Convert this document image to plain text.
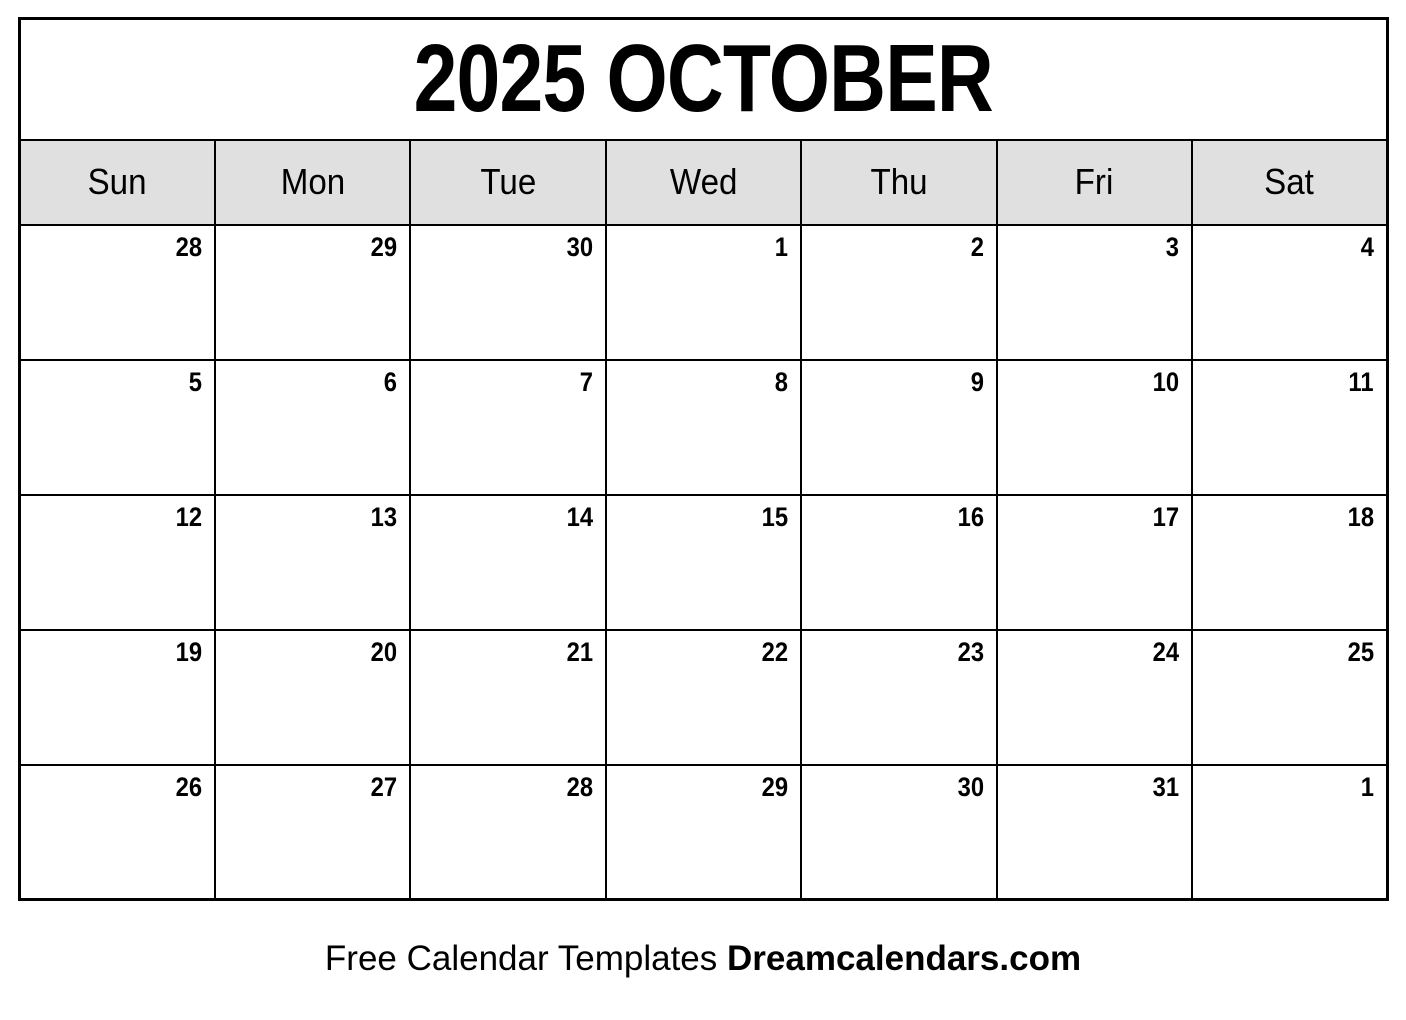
2025 OCTOBER						
Sun	Mon	Tue	Wed	Thu	Fri	Sat
28	29	30	1	2	3	4
5	6	7	8	9	10	11
12	13	14	15	16	17	18
19	20	21	22	23	24	25
26	27	28	29	30	31	1
Free Calendar Templates Dreamcalendars.com
